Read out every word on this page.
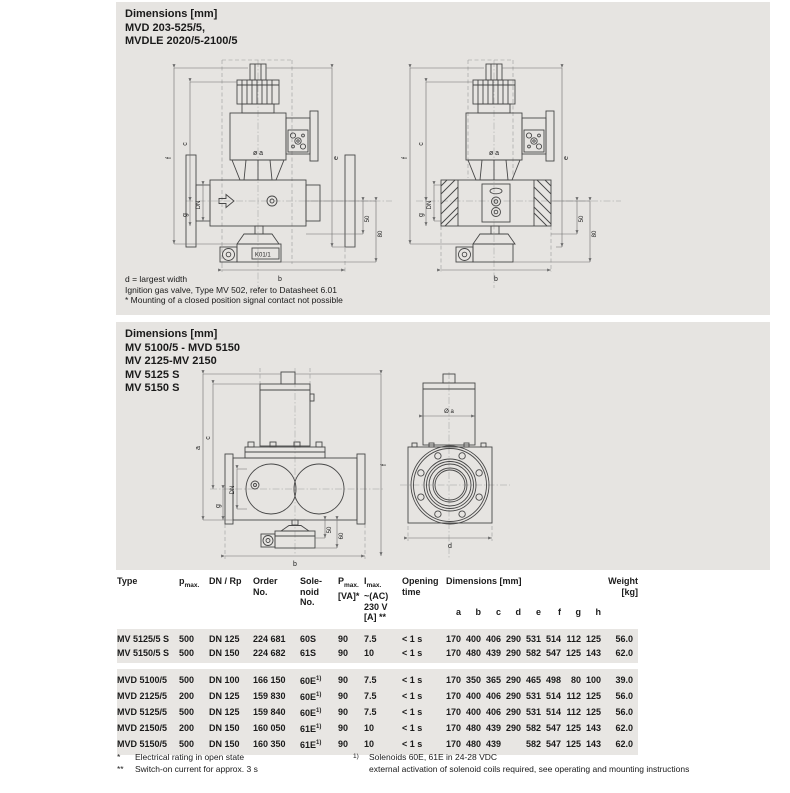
Dimensions [mm]
MVD 203-525/5,
MVDLE 2020/5-2100/5
ø a
K01/1
f
c
g
DN
e
50
80
b
ø a
f
c
g
DN
e
50
80
b
d = largest width
Ignition gas valve, Type MV 502, refer to Datasheet 6.01
* Mounting of a closed position signal contact not possible
Dimensions [mm]
MV 5100/5 - MVD 5150
MV 2125-MV 2150
MV 5125 S
MV 5150 S
a
c
g
DN
f
50
60
b
Ø a
d
Type	$p_{max.}$	DN / Rp	Order
No.

Sole-
noid
No.

$P_{max.}$
[VA]*

$I_{max.}$
~(AC)
230 V
[A] **

Opening
time
	Dimensions [mm]	Weight
[kg]

								a	b	c	d	e	f	g	h	

MV 5125/5 S	500	DN 125	224 681	60S	90	7.5	< 1 s	170	400	406	290	531	514	112	125	56.0
MV 5150/5 S	500	DN 150	224 682	61S	90	10	< 1 s	170	480	439	290	582	547	125	143	62.0

MVD 5100/5	500	DN 100	166 150	$60E^{1)}$	90	7.5	< 1 s	170	350	365	290	465	498	80	100	39.0
MVD 2125/5	200	DN 125	159 830	$60E^{1)}$	90	7.5	< 1 s	170	400	406	290	531	514	112	125	56.0
MVD 5125/5	500	DN 125	159 840	$60E^{1)}$	90	7.5	< 1 s	170	400	406	290	531	514	112	125	56.0
MVD 2150/5	200	DN 150	160 050	$61E^{1)}$	90	10	< 1 s	170	480	439	290	582	547	125	143	62.0
MVD 5150/5	500	DN 150	160 350	$61E^{1)}$	90	10	< 1 s	170	480	439		582	547	125	143	62.0
*	Electrical rating in open state	1)	Solenoids 60E, 61E in 24-28 VDC
**	Switch-on current for approx. 3 s	external activation of solenoid coils required, see operating and mounting instructions
